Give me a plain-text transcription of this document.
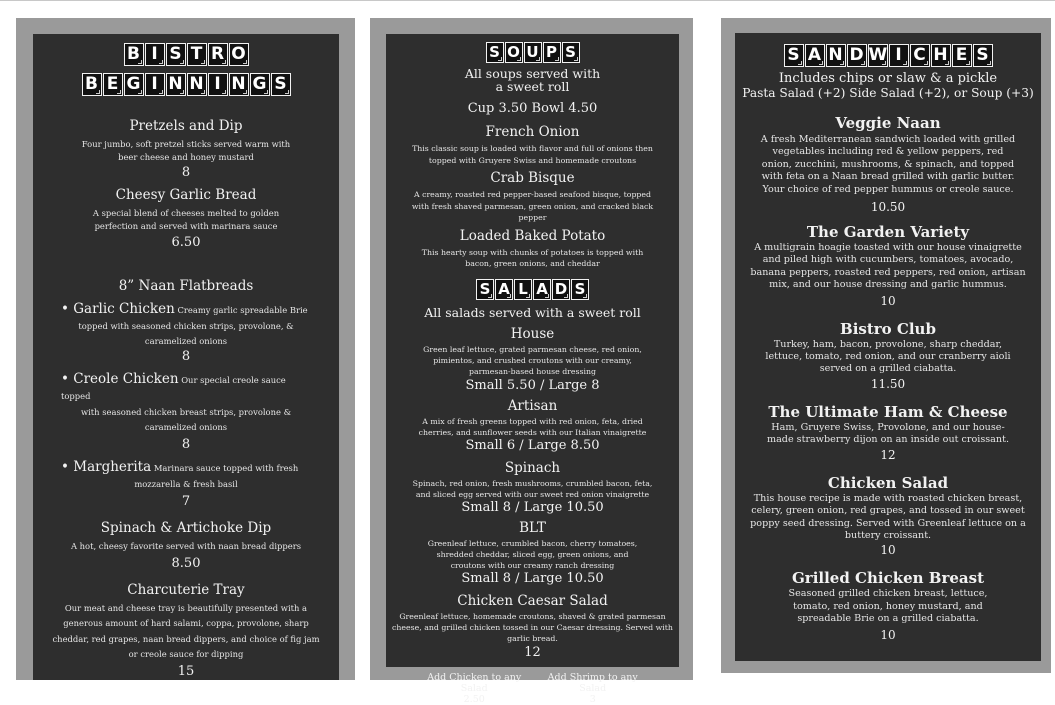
B I S T R O
B E G I N N I N G S

Pretzels and Dip

Four jumbo, soft pretzel sticks served warm with beer cheese and honey mustard

8

Cheesy Garlic Bread

A special blend of cheeses melted to golden perfection and served with marinara sauce

6.50

8” Naan Flatbreads

• Garlic Chicken Creamy garlic spreadable Brie

topped with seasoned chicken strips, provolone, & caramelized onions

8

• Creole Chicken Our special creole sauce topped

with seasoned chicken breast strips, provolone & caramelized onions

8

• Margherita Marinara sauce topped with fresh

mozzarella & fresh basil

7

Spinach & Artichoke Dip

A hot, cheesy favorite served with naan bread dippers

8.50

Charcuterie Tray

Our meat and cheese tray is beautifully presented with a generous amount of hard salami, coppa, provolone, sharp cheddar, red grapes, naan bread dippers, and choice of fig jam or creole sauce for dipping

15

S O U P S

All soups served with a sweet roll

Cup 3.50 Bowl 4.50

French Onion

This classic soup is loaded with flavor and full of onions then topped with Gruyere Swiss and homemade croutons

Crab Bisque

A creamy, roasted red pepper-based seafood bisque, topped with fresh shaved parmesan, green onion, and cracked black pepper

Loaded Baked Potato

This hearty soup with chunks of potatoes is topped with bacon, green onions, and cheddar

S A L A D S

All salads served with a sweet roll

House

Green leaf lettuce, grated parmesan cheese, red onion, pimientos, and crushed croutons with our creamy, parmesan-based house dressing

Small 5.50 / Large 8

Artisan

A mix of fresh greens topped with red onion, feta, dried cherries, and sunflower seeds with our Italian vinaigrette

Small 6 / Large 8.50

Spinach

Spinach, red onion, fresh mushrooms, crumbled bacon, feta, and sliced egg served with our sweet red onion vinaigrette

Small 8 / Large 10.50

BLT

Greenleaf lettuce, crumbled bacon, cherry tomatoes, shredded cheddar, sliced egg, green onions, and croutons with our creamy ranch dressing

Small 8 / Large 10.50

Chicken Caesar Salad

Greenleaf lettuce, homemade croutons, shaved & grated parmesan cheese, and grilled chicken tossed in our Caesar dressing. Served with garlic bread.

12

Add Chicken to any Salad
2.50
Add Shrimp to any Salad
3
S A N D W I C H E S

Includes chips or slaw & a pickle

Pasta Salad (+2) Side Salad (+2), or Soup (+3)

Veggie Naan

A fresh Mediterranean sandwich loaded with grilled vegetables including red & yellow peppers, red onion, zucchini, mushrooms, & spinach, and topped with feta on a Naan bread grilled with garlic butter. Your choice of red pepper hummus or creole sauce.

10.50

The Garden Variety

A multigrain hoagie toasted with our house vinaigrette and piled high with cucumbers, tomatoes, avocado, banana peppers, roasted red peppers, red onion, artisan mix, and our house dressing and garlic hummus.

10

Bistro Club

Turkey, ham, bacon, provolone, sharp cheddar, lettuce, tomato, red onion, and our cranberry aioli served on a grilled ciabatta.

11.50

The Ultimate Ham & Cheese

Ham, Gruyere Swiss, Provolone, and our house-made strawberry dijon on an inside out croissant.

12

Chicken Salad

This house recipe is made with roasted chicken breast, celery, green onion, red grapes, and tossed in our sweet poppy seed dressing. Served with Greenleaf lettuce on a buttery croissant.

10

Grilled Chicken Breast

Seasoned grilled chicken breast, lettuce, tomato, red onion, honey mustard, and spreadable Brie on a grilled ciabatta.

10
